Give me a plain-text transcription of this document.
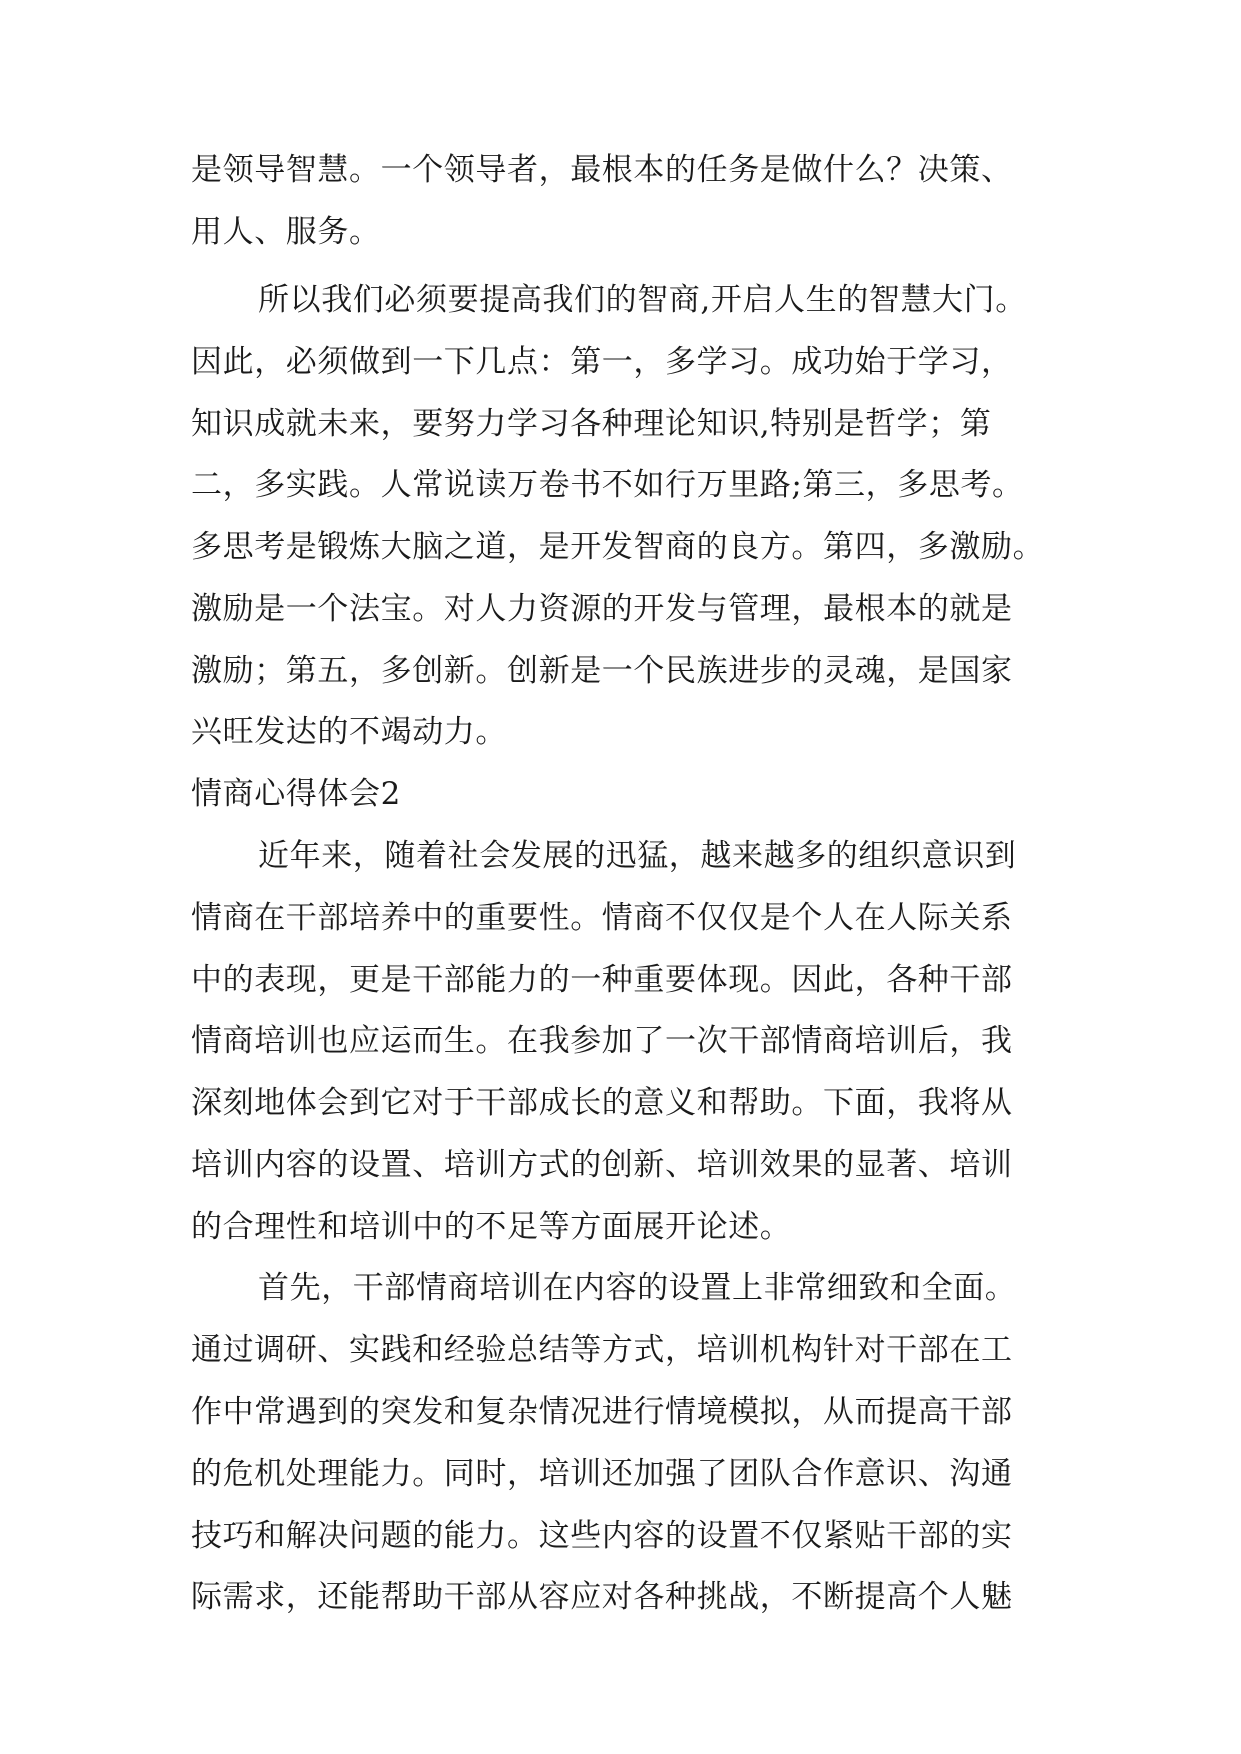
是领导智慧。一个领导者，最根本的任务是做什么？决策、
用人、服务。
所以我们必须要提高我们的智商,开启人生的智慧大门。
因此，必须做到一下几点：第一，多学习。成功始于学习，
知识成就未来，要努力学习各种理论知识,特别是哲学；第
二，多实践。人常说读万卷书不如行万里路;第三，多思考。
多思考是锻炼大脑之道，是开发智商的良方。第四，多激励。
激励是一个法宝。对人力资源的开发与管理，最根本的就是
激励；第五，多创新。创新是一个民族进步的灵魂，是国家
兴旺发达的不竭动力。
情商心得体会2
近年来，随着社会发展的迅猛，越来越多的组织意识到
情商在干部培养中的重要性。情商不仅仅是个人在人际关系
中的表现，更是干部能力的一种重要体现。因此，各种干部
情商培训也应运而生。在我参加了一次干部情商培训后，我
深刻地体会到它对于干部成长的意义和帮助。下面，我将从
培训内容的设置、培训方式的创新、培训效果的显著、培训
的合理性和培训中的不足等方面展开论述。
首先，干部情商培训在内容的设置上非常细致和全面。
通过调研、实践和经验总结等方式，培训机构针对干部在工
作中常遇到的突发和复杂情况进行情境模拟，从而提高干部
的危机处理能力。同时，培训还加强了团队合作意识、沟通
技巧和解决问题的能力。这些内容的设置不仅紧贴干部的实
际需求，还能帮助干部从容应对各种挑战，不断提高个人魅
